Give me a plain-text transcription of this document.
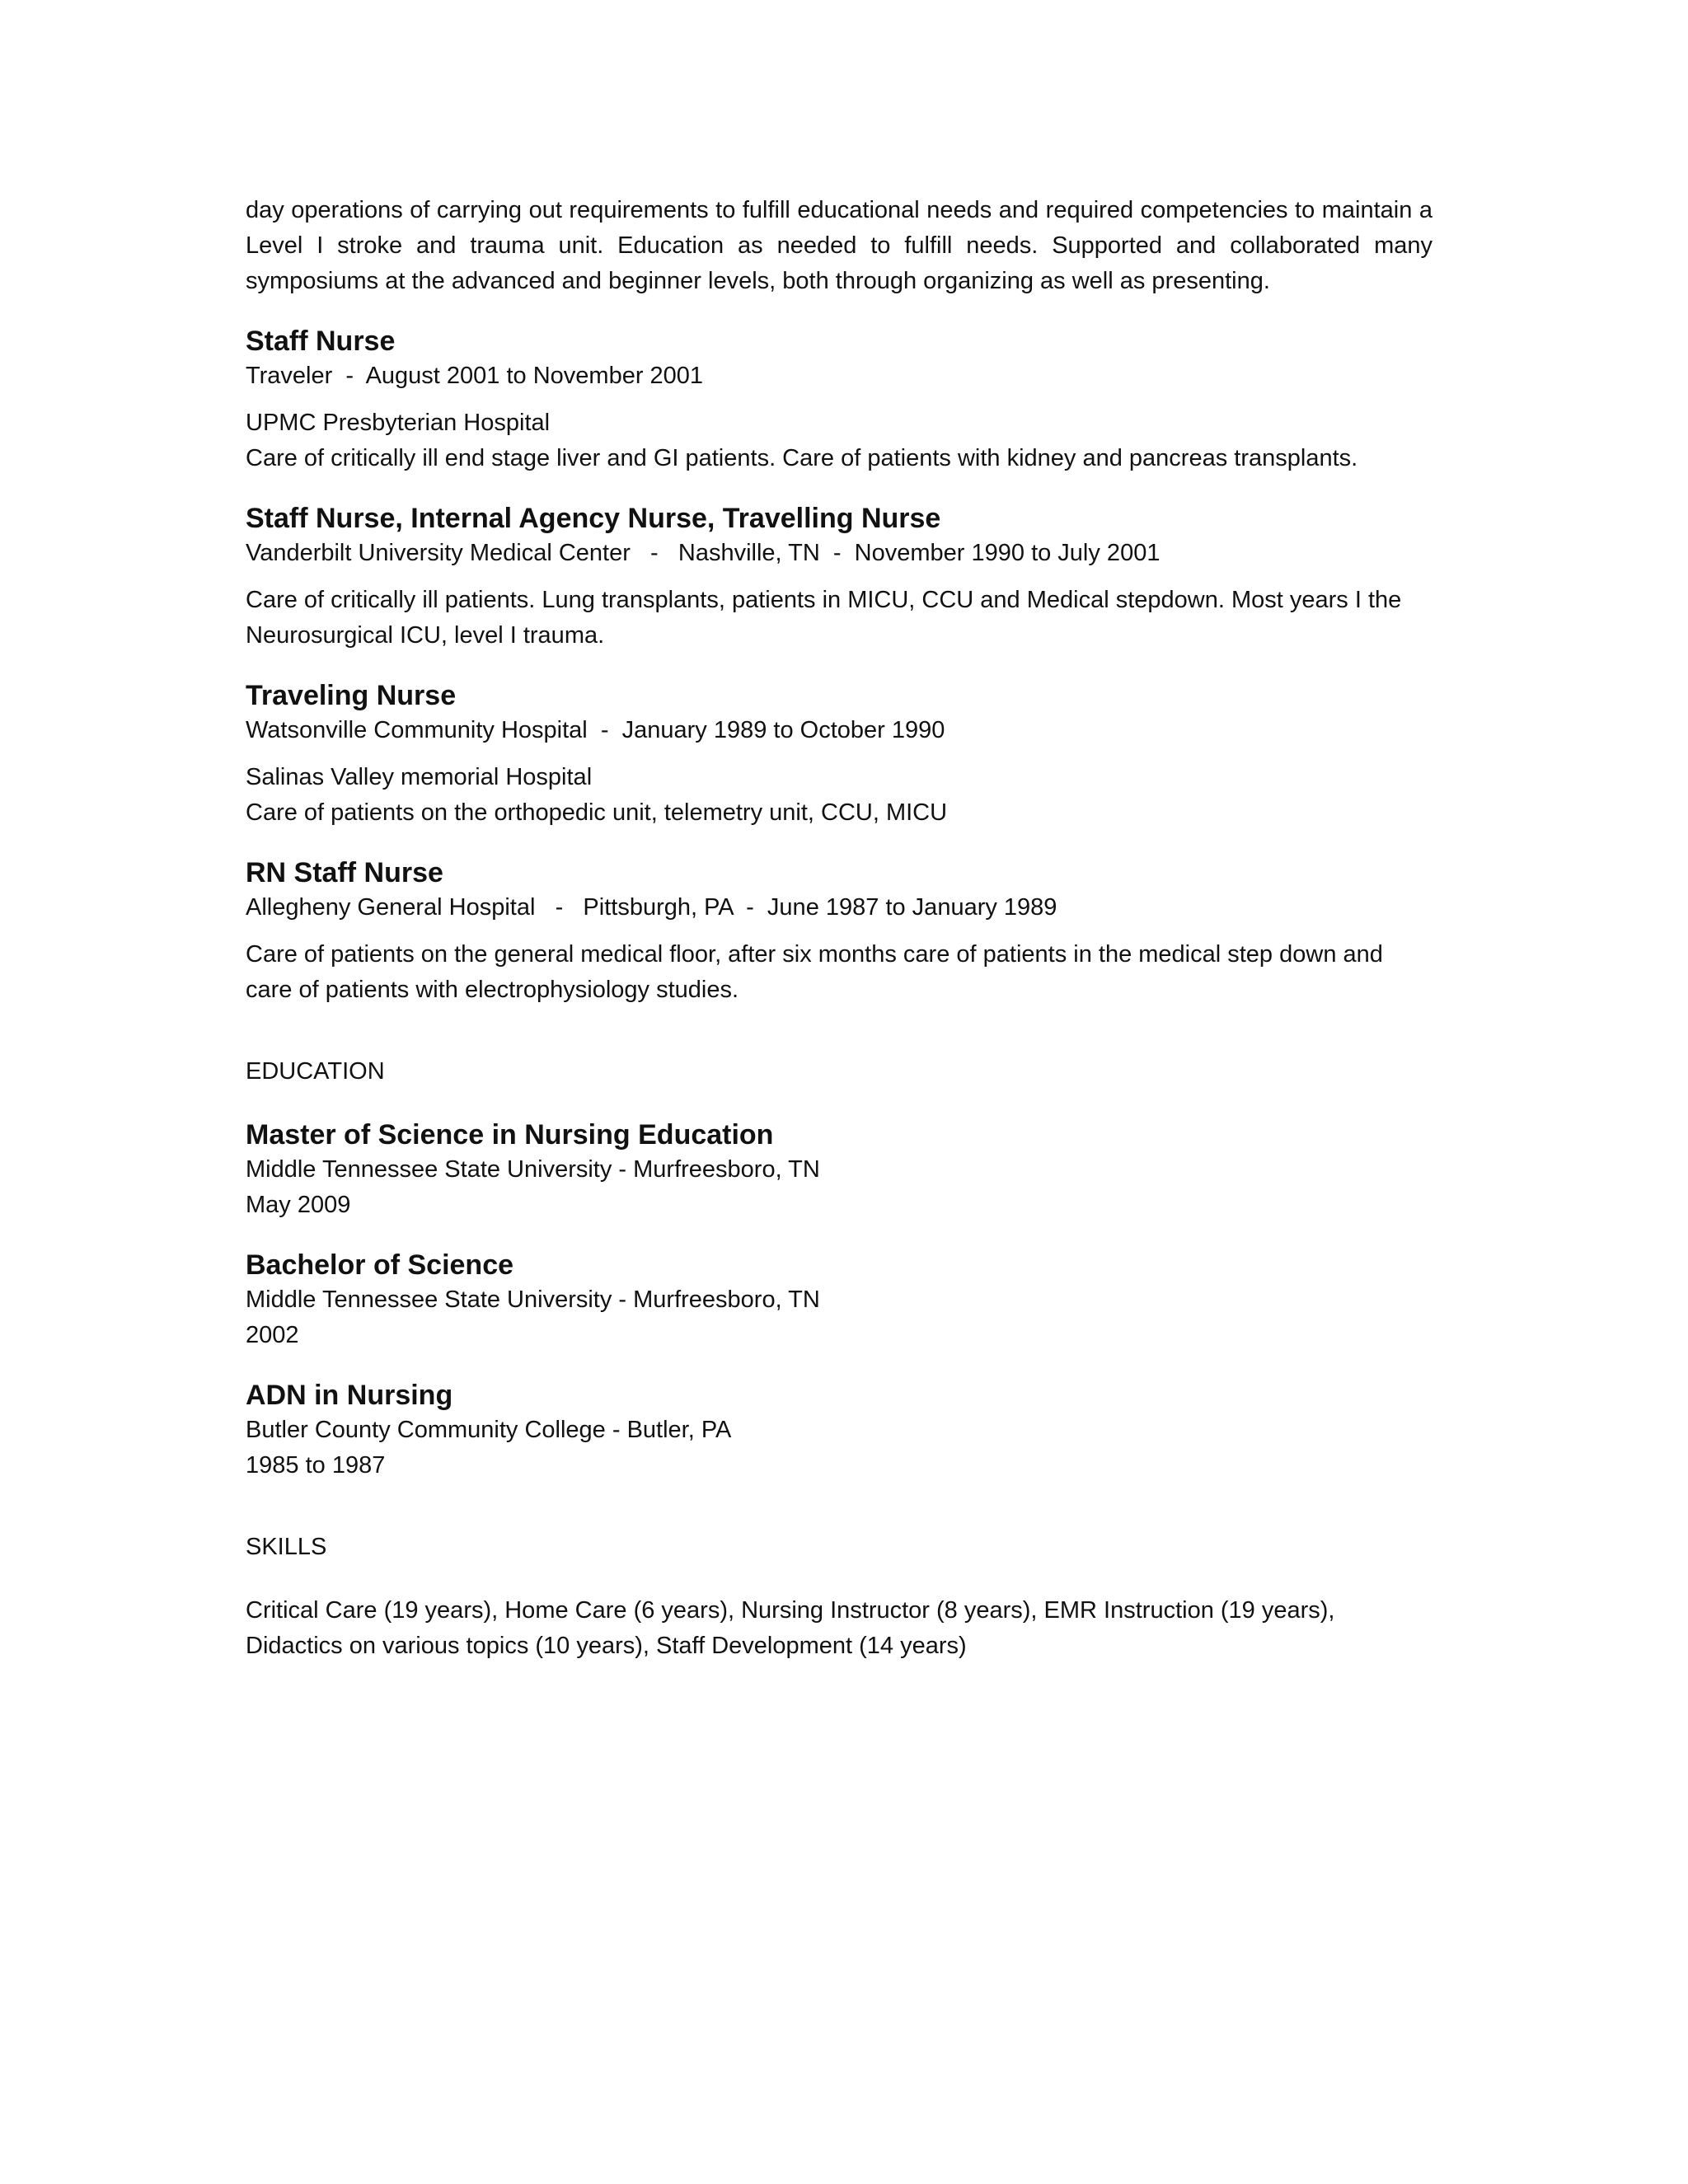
day operations of carrying out requirements to fulfill educational needs and required competencies to maintain a Level I stroke and trauma unit. Education as needed to fulfill needs. Supported and collaborated many symposiums at the advanced and beginner levels, both through organizing as well as presenting.

Staff Nurse

Traveler  -  August 2001 to November 2001

UPMC Presbyterian Hospital

Care of critically ill end stage liver and GI patients. Care of patients with kidney and pancreas transplants.

Staff Nurse, Internal Agency Nurse, Travelling Nurse

Vanderbilt University Medical Center   -   Nashville, TN  -  November 1990 to July 2001

Care of critically ill patients. Lung transplants, patients in MICU, CCU and Medical stepdown. Most years I the Neurosurgical ICU, level I trauma.

Traveling Nurse

Watsonville Community Hospital  -  January 1989 to October 1990

Salinas Valley memorial Hospital

Care of patients on the orthopedic unit, telemetry unit, CCU, MICU

RN Staff Nurse

Allegheny General Hospital   -   Pittsburgh, PA  -  June 1987 to January 1989

Care of patients on the general medical floor, after six months care of patients in the medical step down and care of patients with electrophysiology studies.

EDUCATION

Master of Science in Nursing Education

Middle Tennessee State University - Murfreesboro, TN

May 2009

Bachelor of Science

Middle Tennessee State University - Murfreesboro, TN

2002

ADN in Nursing

Butler County Community College - Butler, PA

1985 to 1987

SKILLS

Critical Care (19 years), Home Care (6 years), Nursing Instructor (8 years), EMR Instruction (19 years), Didactics on various topics (10 years), Staff Development (14 years)
